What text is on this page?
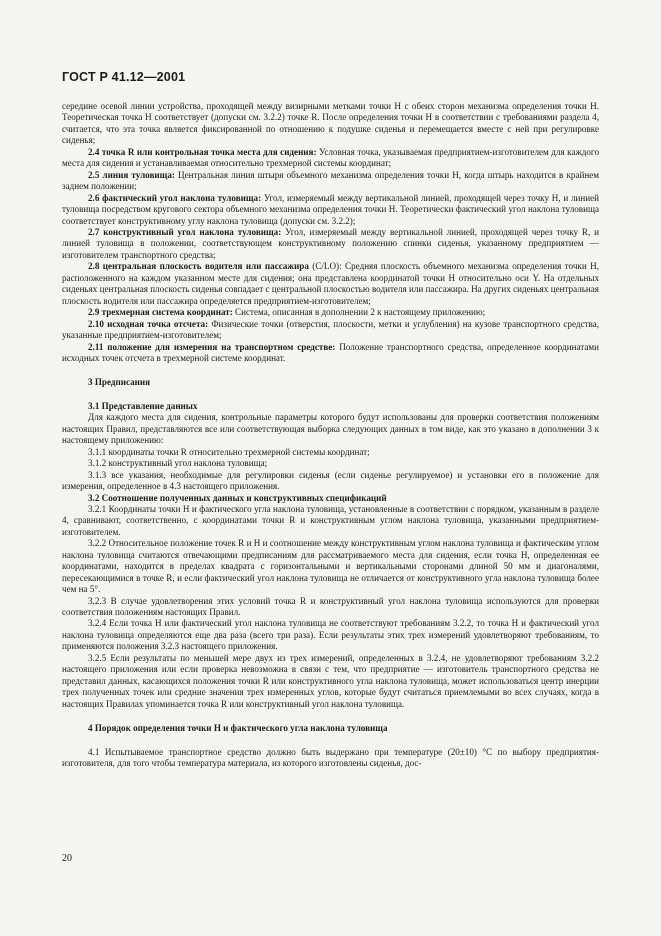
ГОСТ Р 41.12—2001

середине осевой линии устройства, проходящей между визирными метками точки H с обеих сторон механизма определения точки H. Теоретическая точка H соответствует (допуски см. 3.2.2) точке R. После определения точки H в соответствии с требованиями раздела 4, считается, что эта точка является фиксированной по отношению к подушке сиденья и перемещается вместе с ней при регулировке сиденья;

2.4 точка R или контрольная точка места для сидения: Условная точка, указываемая предприятием-изготовителем для каждого места для сидения и устанавливаемая относительно трехмерной системы координат;

2.5 линия туловища: Центральная линия штыря объемного механизма определения точки H, когда штырь находится в крайнем заднем положении;

2.6 фактический угол наклона туловища: Угол, измеряемый между вертикальной линией, проходящей через точку H, и линией туловища посредством кругового сектора объемного механизма определения точки H. Теоретически фактический угол наклона туловища соответствует конструктивному углу наклона туловища (допуски см. 3.2.2);

2.7 конструктивный угол наклона туловища: Угол, измеряемый между вертикальной линией, проходящей через точку R, и линией туловища в положении, соответствующем конструктивному положению спинки сиденья, указанному предприятием — изготовителем транспортного средства;

2.8 центральная плоскость водителя или пассажира (C/LO): Средняя плоскость объемного механизма определения точки H, расположенного на каждом указанном месте для сидения; она представлена координатой точки H относительно оси Y. На отдельных сиденьях центральная плоскость сиденья совпадает с центральной плоскостью водителя или пассажира. На других сиденьях центральная плоскость водителя или пассажира определяется предприятием-изготовителем;

2.9 трехмерная система координат: Система, описанная в дополнении 2 к настоящему приложению;

2.10 исходная точка отсчета: Физические точки (отверстия, плоскости, метки и углубления) на кузове транспортного средства, указанные предприятием-изготовителем;

2.11 положение для измерения на транспортном средстве: Положение транспортного средства, определенное координатами исходных точек отсчета в трехмерной системе координат.

3 Предписания

3.1 Представление данных

Для каждого места для сидения, контрольные параметры которого будут использованы для проверки соответствия положениям настоящих Правил, представляются все или соответствующая выборка следующих данных в том виде, как это указано в дополнении 3 к настоящему приложению:

3.1.1 координаты точки R относительно трехмерной системы координат;

3.1.2 конструктивный угол наклона туловища;

3.1.3 все указания, необходимые для регулировки сиденья (если сиденье регулируемое) и установки его в положение для измерения, определенное в 4.3 настоящего приложения.

3.2 Соотношение полученных данных и конструктивных спецификаций

3.2.1 Координаты точки H и фактического угла наклона туловища, установленные в соответствии с порядком, указанным в разделе 4, сравнивают, соответственно, с координатами точки R и конструктивным углом наклона туловища, указанными предприятием-изготовителем.

3.2.2 Относительное положение точек R и H и соотношение между конструктивным углом наклона туловища и фактическим углом наклона туловища считаются отвечающими предписаниям для рассматриваемого места для сидения, если точка H, определенная ее координатами, находится в пределах квадрата с горизонтальными и вертикальными сторонами длиной 50 мм и диагоналями, пересекающимися в точке R, и если фактический угол наклона туловища не отличается от конструктивного угла наклона туловища более чем на 5°.

3.2.3 В случае удовлетворения этих условий точка R и конструктивный угол наклона туловища используются для проверки соответствия положениям настоящих Правил.

3.2.4 Если точка H или фактический угол наклона туловища не соответствуют требованиям 3.2.2, то точка H и фактический угол наклона туловища определяются еще два раза (всего три раза). Если результаты этих трех измерений удовлетворяют требованиям, то применяются положения 3.2.3 настоящего приложения.

3.2.5 Если результаты по меньшей мере двух из трех измерений, определенных в 3.2.4, не удовлетворяют требованиям 3.2.2 настоящего приложения или если проверка невозможна в связи с тем, что предприятие — изготовитель транспортного средства не представил данных, касающихся положения точки R или конструктивного угла наклона туловища, может использоваться центр инерции трех полученных точек или средние значения трех измеренных углов, которые будут считаться приемлемыми во всех случаях, когда в настоящих Правилах упоминается точка R или конструктивный угол наклона туловища.

4 Порядок определения точки H и фактического угла наклона туловища

4.1 Испытываемое транспортное средство должно быть выдержано при температуре (20±10) °С по выбору предприятия-изготовителя, для того чтобы температура материала, из которого изготовлены сиденья, дос-

20
